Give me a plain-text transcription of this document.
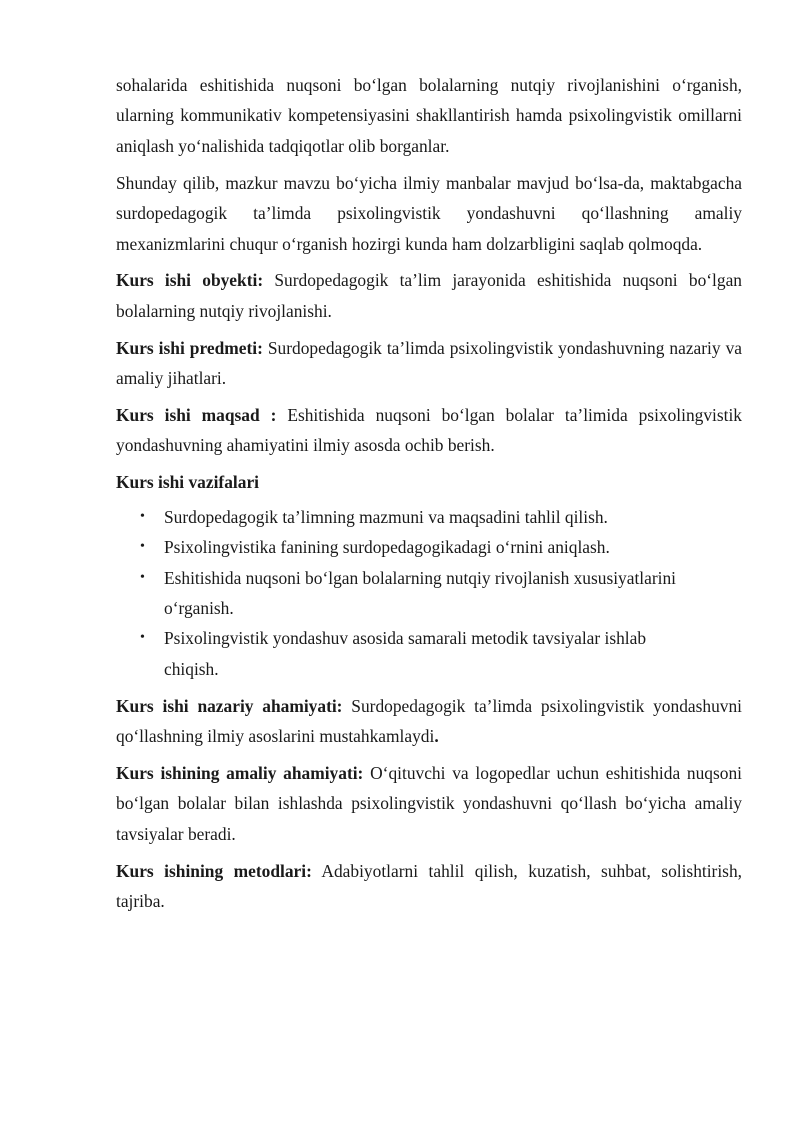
sohalarida eshitishida nuqsoni bo‘lgan bolalarning nutqiy rivojlanishini o‘rganish, ularning kommunikativ kompetensiyasini shakllantirish hamda psixolingvistik omillarni aniqlash yo‘nalishida tadqiqotlar olib borganlar.

Shunday qilib, mazkur mavzu bo‘yicha ilmiy manbalar mavjud bo‘lsa-da, maktabgacha surdopedagogik ta’limda psixolingvistik yondashuvni qo‘llashning amaliy mexanizmlarini chuqur o‘rganish hozirgi kunda ham dolzarbligini saqlab qolmoqda.

Kurs ishi obyekti: Surdopedagogik ta’lim jarayonida eshitishida nuqsoni bo‘lgan bolalarning nutqiy rivojlanishi.

Kurs ishi predmeti: Surdopedagogik ta’limda psixolingvistik yondashuvning nazariy va amaliy jihatlari.

Kurs ishi maqsad : Eshitishida nuqsoni bo‘lgan bolalar ta’limida psixolingvistik yondashuvning ahamiyatini ilmiy asosda ochib berish.

Kurs ishi vazifalari

• Surdopedagogik ta’limning mazmuni va maqsadini tahlil qilish.
• Psixolingvistika fanining surdopedagogikadagi o‘rnini aniqlash.
• Eshitishida nuqsoni bo‘lgan bolalarning nutqiy rivojlanish xususiyatlarini o‘rganish.
• Psixolingvistik yondashuv asosida samarali metodik tavsiyalar ishlab chiqish.

Kurs ishi nazariy ahamiyati: Surdopedagogik ta’limda psixolingvistik yondashuvni qo‘llashning ilmiy asoslarini mustahkamlaydi.

Kurs ishining amaliy ahamiyati: O‘qituvchi va logopedlar uchun eshitishida nuqsoni bo‘lgan bolalar bilan ishlashda psixolingvistik yondashuvni qo‘llash bo‘yicha amaliy tavsiyalar beradi.

Kurs ishining metodlari: Adabiyotlarni tahlil qilish, kuzatish, suhbat, solishtirish, tajriba.
